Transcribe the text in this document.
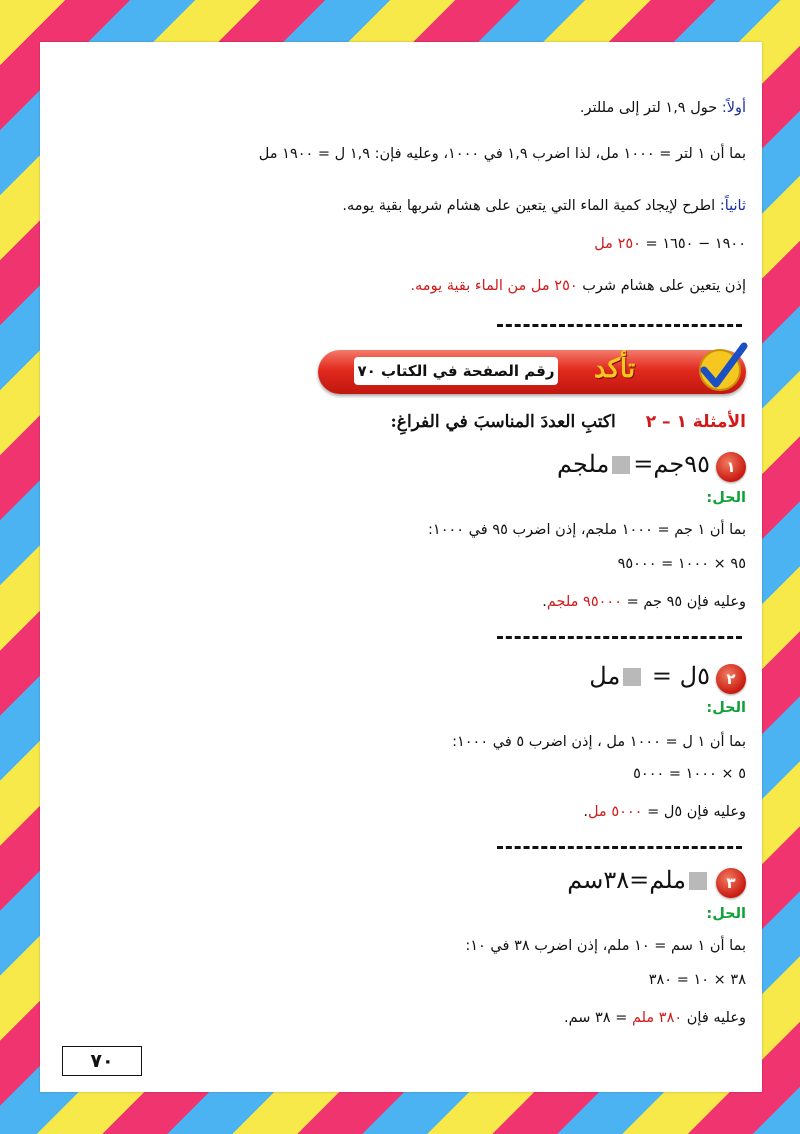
أولاً: حول ١,٩ لتر إلى مللتر.
بما أن ١ لتر = ١٠٠٠ مل، لذا اضرب ١,٩ في ١٠٠٠، وعليه فإن: ١,٩ ل = ١٩٠٠ مل
ثانياً: اطرح لإيجاد كمية الماء التي يتعين على هشام شربها بقية يومه.
١٩٠٠ − ١٦٥٠ = ٢٥٠ مل
إذن يتعين على هشام شرب ٢٥٠ مل من الماء بقية يومه.
رقم الصفحة في الكتاب ٧٠ تأكد
الأمثلة ١ – ٢اكتبِ العددَ المناسبَ في الفراغِ:
١
٩٥جم=ملجم
الحل:
بما أن ١ جم = ١٠٠٠ ملجم، إذن اضرب ٩٥ في ١٠٠٠:
٩٥ × ١٠٠٠ = ٩٥٠٠٠
وعليه فإن ٩٥ جم = ٩٥٠٠٠ ملجم.
٢
٥ل = مل
الحل:
بما أن ١ ل = ١٠٠٠ مل ، إذن اضرب ٥ في ١٠٠٠:
٥ × ١٠٠٠ = ٥٠٠٠
وعليه فإن ٥ل = ٥٠٠٠ مل.
٣
ملم=٣٨سم
الحل:
بما أن ١ سم = ١٠ ملم، إذن اضرب ٣٨ في ١٠:
٣٨ × ١٠ = ٣٨٠
وعليه فإن ٣٨٠ ملم = ٣٨ سم.
٧٠
